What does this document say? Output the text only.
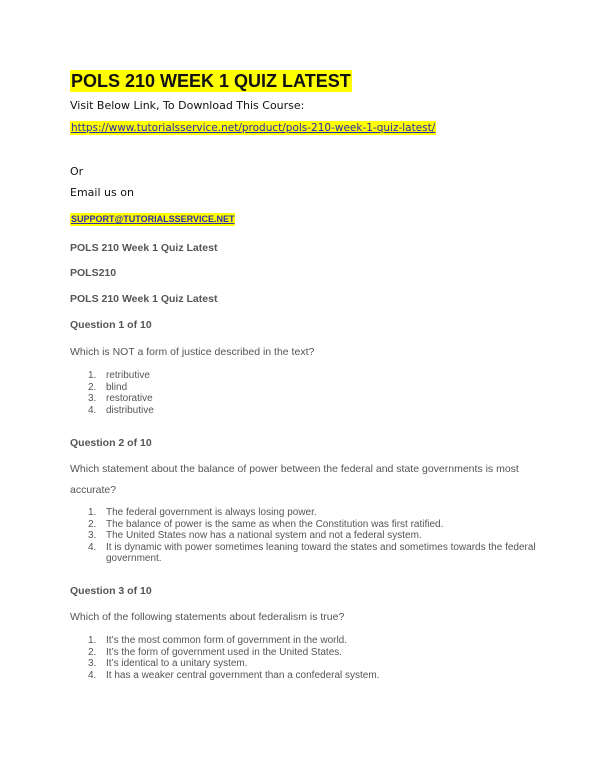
POLS 210 WEEK 1 QUIZ LATEST
Visit Below Link, To Download This Course:
https://www.tutorialsservice.net/product/pols-210-week-1-quiz-latest/
Or
Email us on
SUPPORT@TUTORIALSSERVICE.NET
POLS 210 Week 1 Quiz Latest
POLS210
POLS 210 Week 1 Quiz Latest
Question 1 of 10
Which is NOT a form of justice described in the text?
1. retributive
2. blind
3. restorative
4. distributive
Question 2 of 10
Which statement about the balance of power between the federal and state governments is most
accurate?
1. The federal government is always losing power.
2. The balance of power is the same as when the Constitution was first ratified.
3. The United States now has a national system and not a federal system.
4. It is dynamic with power sometimes leaning toward the states and sometimes towards the federal government.
Question 3 of 10
Which of the following statements about federalism is true?
1. It’s the most common form of government in the world.
2. It’s the form of government used in the United States.
3. It’s identical to a unitary system.
4. It has a weaker central government than a confederal system.
